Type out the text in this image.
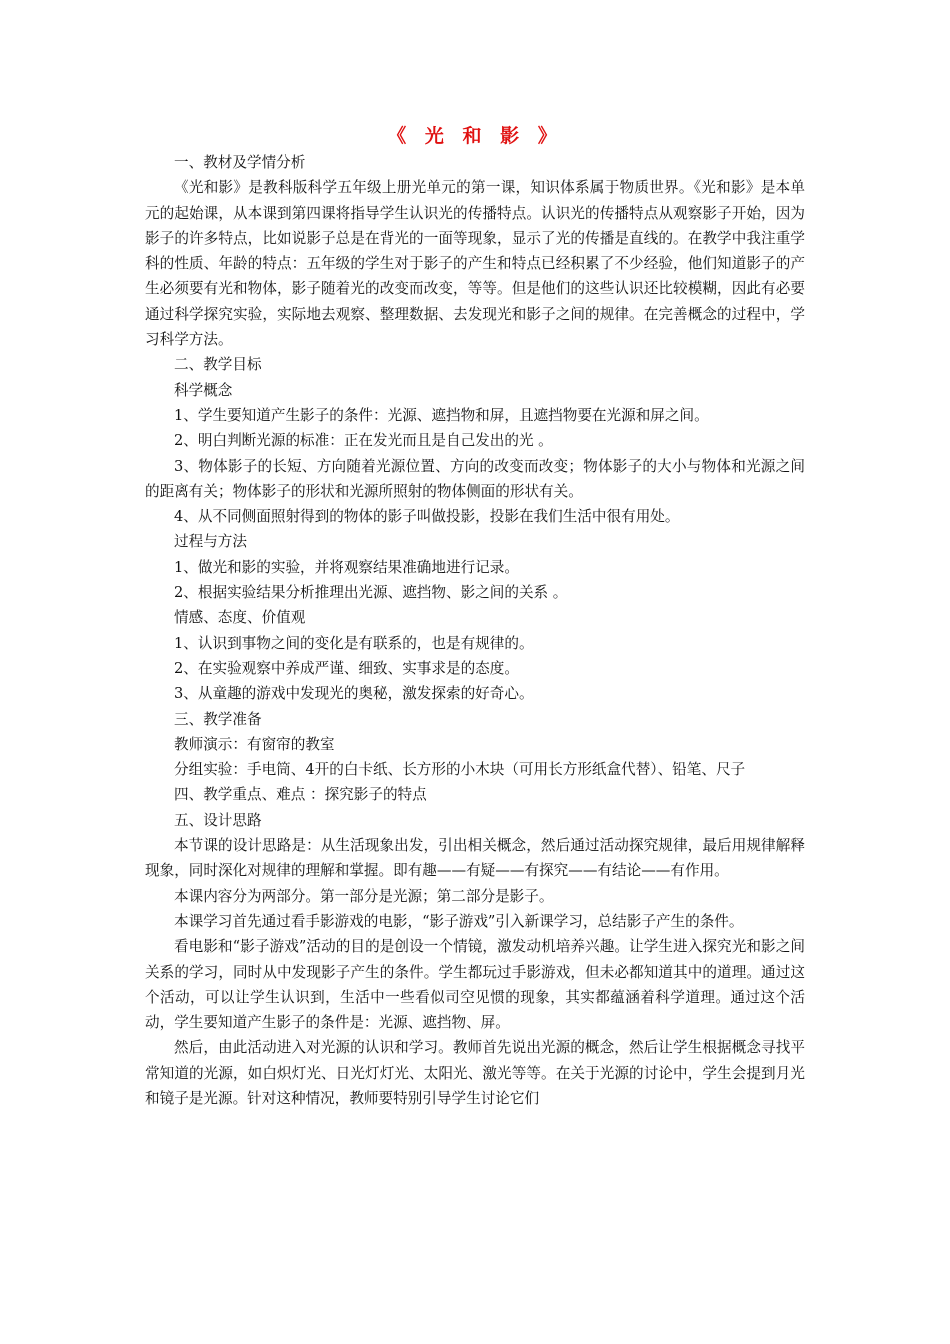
《 光 和 影 》

一、教材及学情分析

《光和影》是教科版科学五年级上册光单元的第一课，知识体系属于物质世界。《光和影》是本单元的起始课，从本课到第四课将指导学生认识光的传播特点。认识光的传播特点从观察影子开始，因为影子的许多特点，比如说影子总是在背光的一面等现象，显示了光的传播是直线的。在教学中我注重学科的性质、年龄的特点：五年级的学生对于影子的产生和特点已经积累了不少经验，他们知道影子的产生必须要有光和物体，影子随着光的改变而改变，等等。但是他们的这些认识还比较模糊，因此有必要通过科学探究实验，实际地去观察、整理数据、去发现光和影子之间的规律。在完善概念的过程中，学习科学方法。

二、教学目标

科学概念

1、学生要知道产生影子的条件：光源、遮挡物和屏，且遮挡物要在光源和屏之间。

2、明白判断光源的标准：正在发光而且是自己发出的光 。

3、物体影子的长短、方向随着光源位置、方向的改变而改变；物体影子的大小与物体和光源之间的距离有关；物体影子的形状和光源所照射的物体侧面的形状有关。

4、从不同侧面照射得到的物体的影子叫做投影，投影在我们生活中很有用处。

过程与方法

1、做光和影的实验，并将观察结果准确地进行记录。

2、根据实验结果分析推理出光源、遮挡物、影之间的关系 。

情感、态度、价值观

1、认识到事物之间的变化是有联系的，也是有规律的。

2、在实验观察中养成严谨、细致、实事求是的态度。

3、从童趣的游戏中发现光的奥秘，激发探索的好奇心。

三、教学准备

教师演示：有窗帘的教室

分组实验：手电筒、4开的白卡纸、长方形的小木块（可用长方形纸盒代替）、铅笔、尺子

四、教学重点、难点 ：探究影子的特点

五、设计思路

本节课的设计思路是：从生活现象出发，引出相关概念，然后通过活动探究规律，最后用规律解释现象，同时深化对规律的理解和掌握。即有趣——有疑——有探究——有结论——有作用。

本课内容分为两部分。第一部分是光源；第二部分是影子。

本课学习首先通过看手影游戏的电影，“影子游戏”引入新课学习，总结影子产生的条件。

看电影和“影子游戏”活动的目的是创设一个情镜，激发动机培养兴趣。让学生进入探究光和影之间关系的学习，同时从中发现影子产生的条件。学生都玩过手影游戏，但未必都知道其中的道理。通过这个活动，可以让学生认识到，生活中一些看似司空见惯的现象，其实都蕴涵着科学道理。通过这个活动，学生要知道产生影子的条件是：光源、遮挡物、屏。

然后，由此活动进入对光源的认识和学习。教师首先说出光源的概念，然后让学生根据概念寻找平常知道的光源，如白炽灯光、日光灯灯光、太阳光、激光等等。在关于光源的讨论中，学生会提到月光和镜子是光源。针对这种情况，教师要特别引导学生讨论它们
